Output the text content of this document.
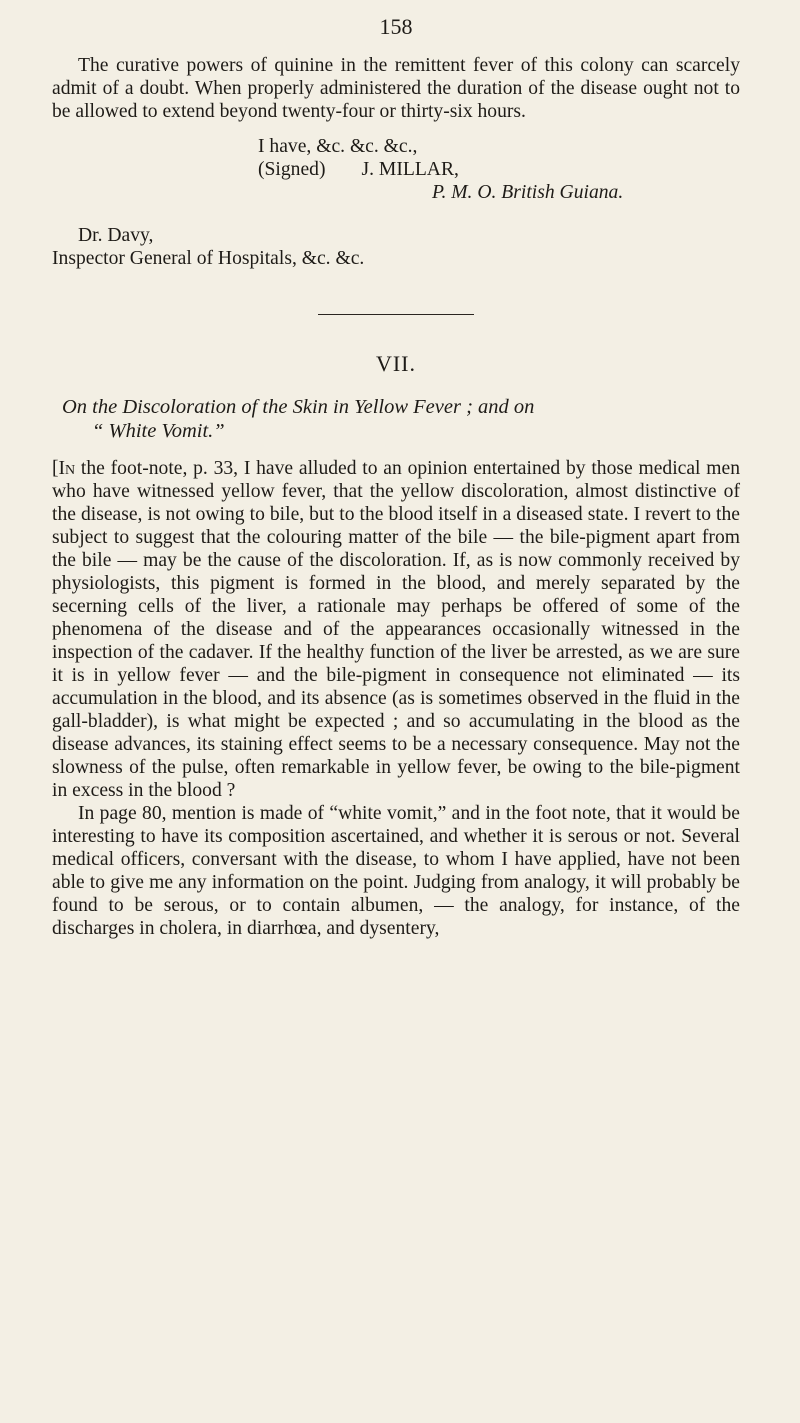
158

The curative powers of quinine in the remittent fever of this colony can scarcely admit of a doubt. When properly administered the duration of the disease ought not to be allowed to extend beyond twenty-four or thirty-six hours.

I have, &c. &c. &c.,
(Signed) J. MILLAR,
P. M. O. British Guiana.
Dr. Davy,
Inspector General of Hospitals, &c. &c.
VII.
On the Discoloration of the Skin in Yellow Fever ; and on
“ White Vomit.”

[In the foot-note, p. 33, I have alluded to an opinion entertained by those medical men who have witnessed yellow fever, that the yellow discoloration, almost distinctive of the disease, is not owing to bile, but to the blood itself in a diseased state. I revert to the subject to suggest that the colouring matter of the bile — the bile-pigment apart from the bile — may be the cause of the discoloration. If, as is now commonly received by physiologists, this pigment is formed in the blood, and merely separated by the secerning cells of the liver, a rationale may perhaps be offered of some of the phenomena of the disease and of the appearances occasionally witnessed in the inspection of the cadaver. If the healthy function of the liver be arrested, as we are sure it is in yellow fever — and the bile-pigment in consequence not eliminated — its accumulation in the blood, and its absence (as is sometimes observed in the fluid in the gall-bladder), is what might be expected ; and so accumulating in the blood as the disease advances, its staining effect seems to be a necessary consequence. May not the slowness of the pulse, often remarkable in yellow fever, be owing to the bile-pigment in excess in the blood ?

In page 80, mention is made of “white vomit,” and in the foot note, that it would be interesting to have its composition ascertained, and whether it is serous or not. Several medical officers, conversant with the disease, to whom I have applied, have not been able to give me any information on the point. Judging from analogy, it will probably be found to be serous, or to contain albumen, — the analogy, for instance, of the discharges in cholera, in diarrhœa, and dysentery,
